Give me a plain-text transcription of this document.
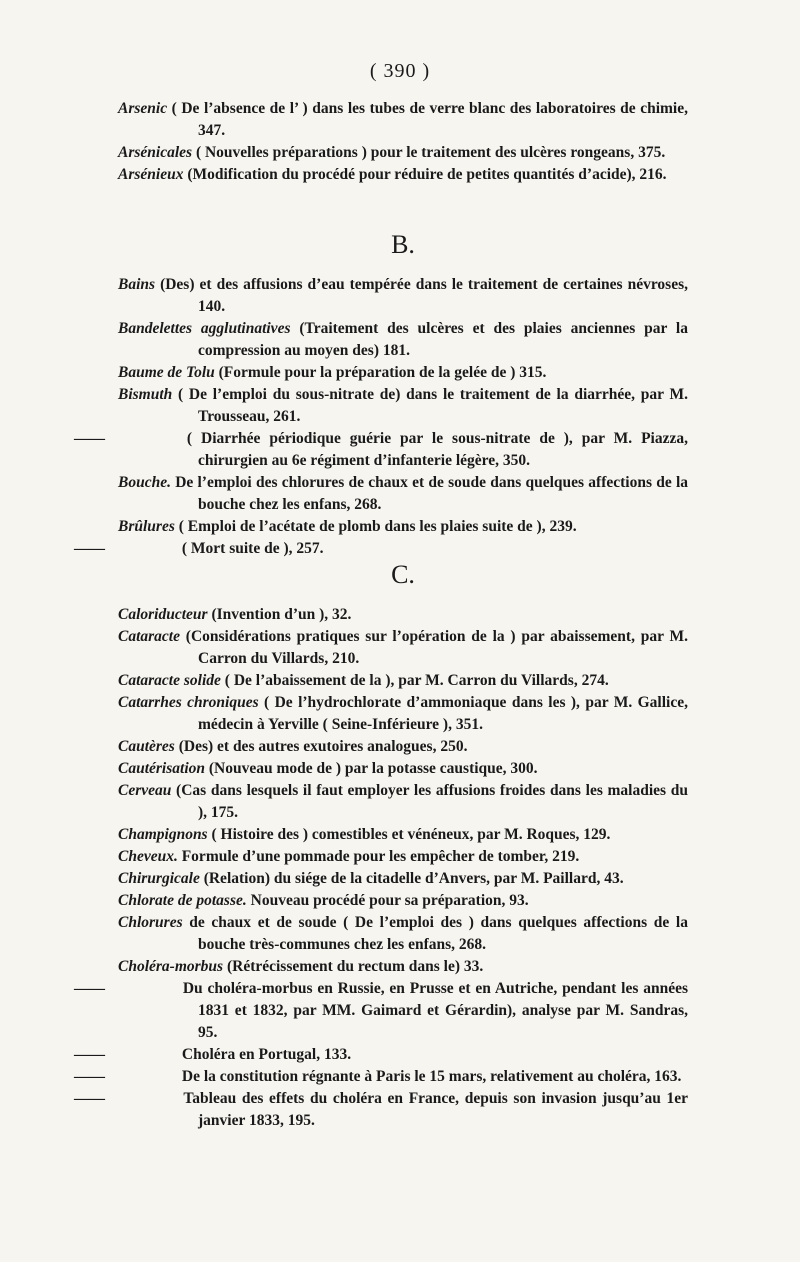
( 390 )

Arsenic ( De l’absence de l’ ) dans les tubes de verre blanc des laboratoires de chimie, 347.

Arsénicales ( Nouvelles préparations ) pour le traitement des ulcères rongeans, 375.

Arsénieux (Modification du procédé pour réduire de petites quantités d’acide), 216.

B.

Bains (Des) et des affusions d’eau tempérée dans le traitement de certaines névroses, 140.

Bandelettes agglutinatives (Traitement des ulcères et des plaies anciennes par la compression au moyen des) 181.

Baume de Tolu (Formule pour la préparation de la gelée de ) 315.

Bismuth ( De l’emploi du sous-nitrate de) dans le traitement de la diarrhée, par M. Trousseau, 261.

——	( Diarrhée périodique guérie par le sous-nitrate de ), par M. Piazza, chirurgien au 6e régiment d’infanterie légère, 350.

Bouche. De l’emploi des chlorures de chaux et de soude dans quelques affections de la bouche chez les enfans, 268.

Brûlures ( Emploi de l’acétate de plomb dans les plaies suite de ), 239.

——	( Mort suite de ), 257.

C.

Caloriducteur (Invention d’un ), 32.

Cataracte (Considérations pratiques sur l’opération de la ) par abaissement, par M. Carron du Villards, 210.

Cataracte solide ( De l’abaissement de la ), par M. Carron du Villards, 274.

Catarrhes chroniques ( De l’hydrochlorate d’ammoniaque dans les ), par M. Gallice, médecin à Yerville ( Seine-Inférieure ), 351.

Cautères (Des) et des autres exutoires analogues, 250.

Cautérisation (Nouveau mode de ) par la potasse caustique, 300.

Cerveau (Cas dans lesquels il faut employer les affusions froides dans les maladies du ), 175.

Champignons ( Histoire des ) comestibles et vénéneux, par M. Roques, 129.

Cheveux. Formule d’une pommade pour les empêcher de tomber, 219.

Chirurgicale (Relation) du siége de la citadelle d’Anvers, par M. Paillard, 43.

Chlorate de potasse. Nouveau procédé pour sa préparation, 93.

Chlorures de chaux et de soude ( De l’emploi des ) dans quelques affections de la bouche très-communes chez les enfans, 268.

Choléra-morbus (Rétrécissement du rectum dans le) 33.

——	Du choléra-morbus en Russie, en Prusse et en Autriche, pendant les années 1831 et 1832, par MM. Gaimard et Gérardin), analyse par M. Sandras, 95.

——	Choléra en Portugal, 133.

——	De la constitution régnante à Paris le 15 mars, relativement au choléra, 163.

——	Tableau des effets du choléra en France, depuis son invasion jusqu’au 1er janvier 1833, 195.
